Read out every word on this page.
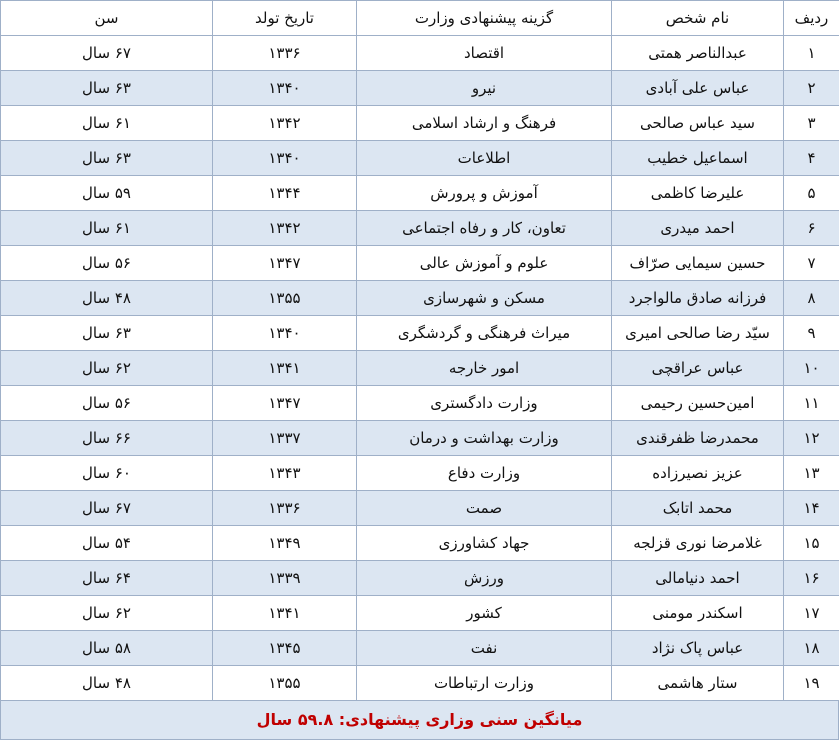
ردیف	نام شخص	گزینه پیشنهادی وزارت	تاریخ تولد	سن
۱	عبدالناصر همتی	اقتصاد	۱۳۳۶	۶۷ سال
۲	عباس علی آبادی	نیرو	۱۳۴۰	۶۳ سال
۳	سید عباس صالحی	فرهنگ و ارشاد اسلامی	۱۳۴۲	۶۱ سال
۴	اسماعیل خطیب	اطلاعات	۱۳۴۰	۶۳ سال
۵	علیرضا کاظمی	آموزش و پرورش	۱۳۴۴	۵۹ سال
۶	احمد میدری	تعاون، کار و رفاه اجتماعی	۱۳۴۲	۶۱ سال
۷	حسین سیمایی صرّاف	علوم و آموزش عالی	۱۳۴۷	۵۶ سال
۸	فرزانه صادق مالواجرد	مسکن و شهرسازی	۱۳۵۵	۴۸ سال
۹	سیّد رضا صالحی امیری	میراث فرهنگی و گردشگری	۱۳۴۰	۶۳ سال
۱۰	عباس عراقچی	امور خارجه	۱۳۴۱	۶۲ سال
۱۱	امین‌حسین رحیمی	وزارت دادگستری	۱۳۴۷	۵۶ سال
۱۲	محمدرضا ظفرقندی	وزارت بهداشت و درمان	۱۳۳۷	۶۶ سال
۱۳	عزیز نصیرزاده	وزارت دفاع	۱۳۴۳	۶۰ سال
۱۴	محمد اتابک	صمت	۱۳۳۶	۶۷ سال
۱۵	غلامرضا نوری قزلجه	جهاد کشاورزی	۱۳۴۹	۵۴ سال
۱۶	احمد دنیامالی	ورزش	۱۳۳۹	۶۴ سال
۱۷	اسکندر مومنی	کشور	۱۳۴۱	۶۲ سال
۱۸	عباس پاک نژاد	نفت	۱۳۴۵	۵۸ سال
۱۹	ستار هاشمی	وزارت ارتباطات	۱۳۵۵	۴۸ سال
میانگین سنی وزاری پیشنهادی: ۵۹.۸ سال
